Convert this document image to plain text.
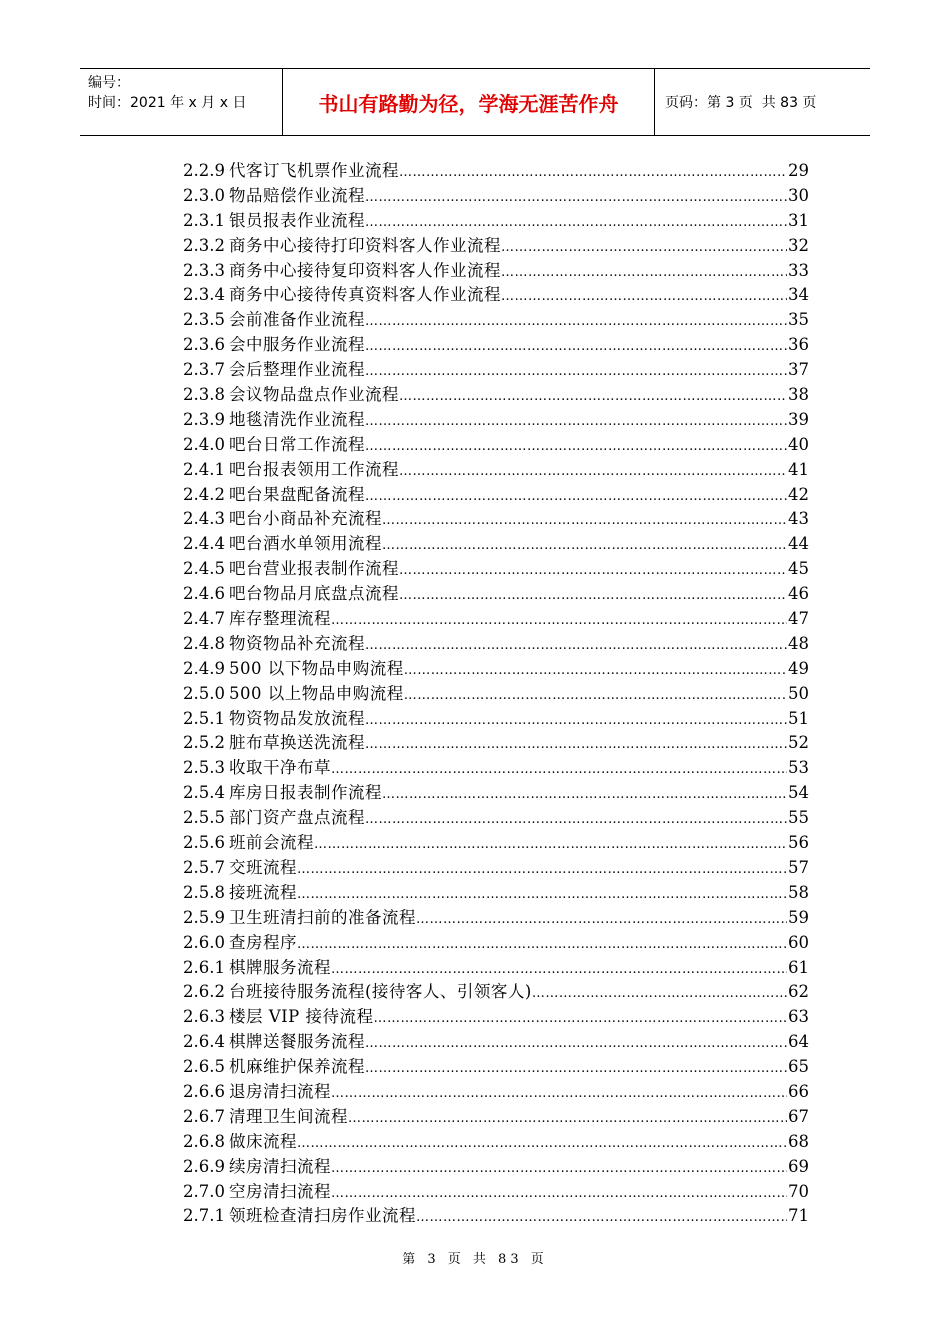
编号：
时间：2021 年 x 月 x 日	书山有路勤为径，学海无涯苦作舟	页码：第 3 页  共 83 页
2.2.9 代客订飞机票作业流程 …………………………………………………………………………………………………………………………………………………………………………………	29
2.3.0 物品赔偿作业流程 …………………………………………………………………………………………………………………………………………………………………………………	30
2.3.1 银员报表作业流程 …………………………………………………………………………………………………………………………………………………………………………………	31
2.3.2 商务中心接待打印资料客人作业流程 …………………………………………………………………………………………………………………………………………………………………………………	32
2.3.3 商务中心接待复印资料客人作业流程 …………………………………………………………………………………………………………………………………………………………………………………	33
2.3.4 商务中心接待传真资料客人作业流程 …………………………………………………………………………………………………………………………………………………………………………………	34
2.3.5 会前准备作业流程 …………………………………………………………………………………………………………………………………………………………………………………	35
2.3.6 会中服务作业流程 …………………………………………………………………………………………………………………………………………………………………………………	36
2.3.7 会后整理作业流程 …………………………………………………………………………………………………………………………………………………………………………………	37
2.3.8 会议物品盘点作业流程 …………………………………………………………………………………………………………………………………………………………………………………	38
2.3.9 地毯清洗作业流程 …………………………………………………………………………………………………………………………………………………………………………………	39
2.4.0 吧台日常工作流程 …………………………………………………………………………………………………………………………………………………………………………………	40
2.4.1 吧台报表领用工作流程 …………………………………………………………………………………………………………………………………………………………………………………	41
2.4.2 吧台果盘配备流程 …………………………………………………………………………………………………………………………………………………………………………………	42
2.4.3 吧台小商品补充流程 …………………………………………………………………………………………………………………………………………………………………………………	43
2.4.4 吧台酒水单领用流程 …………………………………………………………………………………………………………………………………………………………………………………	44
2.4.5 吧台营业报表制作流程 …………………………………………………………………………………………………………………………………………………………………………………	45
2.4.6 吧台物品月底盘点流程 …………………………………………………………………………………………………………………………………………………………………………………	46
2.4.7 库存整理流程 …………………………………………………………………………………………………………………………………………………………………………………	47
2.4.8 物资物品补充流程 …………………………………………………………………………………………………………………………………………………………………………………	48
2.4.9 500 以下物品申购流程 …………………………………………………………………………………………………………………………………………………………………………………	49
2.5.0 500 以上物品申购流程 …………………………………………………………………………………………………………………………………………………………………………………	50
2.5.1 物资物品发放流程 …………………………………………………………………………………………………………………………………………………………………………………	51
2.5.2 脏布草换送洗流程 …………………………………………………………………………………………………………………………………………………………………………………	52
2.5.3 收取干净布草 …………………………………………………………………………………………………………………………………………………………………………………	53
2.5.4 库房日报表制作流程 …………………………………………………………………………………………………………………………………………………………………………………	54
2.5.5 部门资产盘点流程 …………………………………………………………………………………………………………………………………………………………………………………	55
2.5.6 班前会流程 …………………………………………………………………………………………………………………………………………………………………………………	56
2.5.7 交班流程 …………………………………………………………………………………………………………………………………………………………………………………	57
2.5.8 接班流程 …………………………………………………………………………………………………………………………………………………………………………………	58
2.5.9 卫生班清扫前的准备流程 …………………………………………………………………………………………………………………………………………………………………………………	59
2.6.0 查房程序 …………………………………………………………………………………………………………………………………………………………………………………	60
2.6.1 棋牌服务流程 …………………………………………………………………………………………………………………………………………………………………………………	61
2.6.2 台班接待服务流程(接待客人、引领客人) …………………………………………………………………………………………………………………………………………………………………………………	62
2.6.3 楼层 VIP 接待流程 …………………………………………………………………………………………………………………………………………………………………………………	63
2.6.4 棋牌送餐服务流程 …………………………………………………………………………………………………………………………………………………………………………………	64
2.6.5 机麻维护保养流程 …………………………………………………………………………………………………………………………………………………………………………………	65
2.6.6 退房清扫流程 …………………………………………………………………………………………………………………………………………………………………………………	66
2.6.7 清理卫生间流程 …………………………………………………………………………………………………………………………………………………………………………………	67
2.6.8 做床流程 …………………………………………………………………………………………………………………………………………………………………………………	68
2.6.9 续房清扫流程 …………………………………………………………………………………………………………………………………………………………………………………	69
2.7.0 空房清扫流程 …………………………………………………………………………………………………………………………………………………………………………………	70
2.7.1 领班检查清扫房作业流程 …………………………………………………………………………………………………………………………………………………………………………………	71
第 3 页 共 83 页
